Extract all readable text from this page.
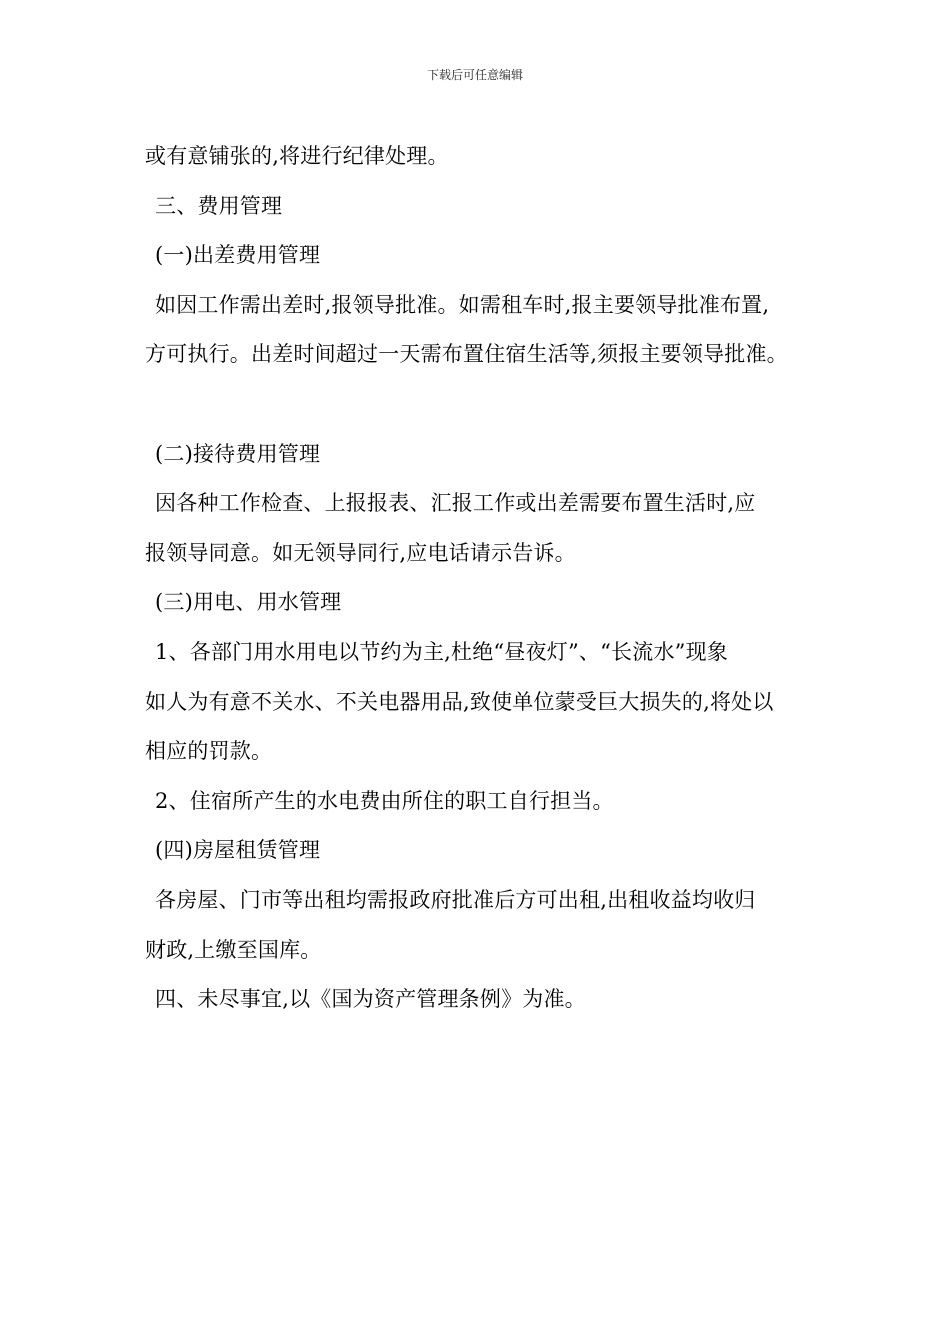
下载后可任意编辑
或有意铺张的,将进行纪律处理。
三、费用管理
(一)出差费用管理
如因工作需出差时,报领导批准。如需租车时,报主要领导批准布置,
方可执行。出差时间超过一天需布置住宿生活等,须报主要领导批准。
(二)接待费用管理
因各种工作检查、上报报表、汇报工作或出差需要布置生活时,应
报领导同意。如无领导同行,应电话请示告诉。
(三)用电、用水管理
1、各部门用水用电以节约为主,杜绝“昼夜灯”、“长流水”现象
如人为有意不关水、不关电器用品,致使单位蒙受巨大损失的,将处以
相应的罚款。
2、住宿所产生的水电费由所住的职工自行担当。
(四)房屋租赁管理
各房屋、门市等出租均需报政府批准后方可出租,出租收益均收归
财政,上缴至国库。
四、未尽事宜,以《国为资产管理条例》为准。
